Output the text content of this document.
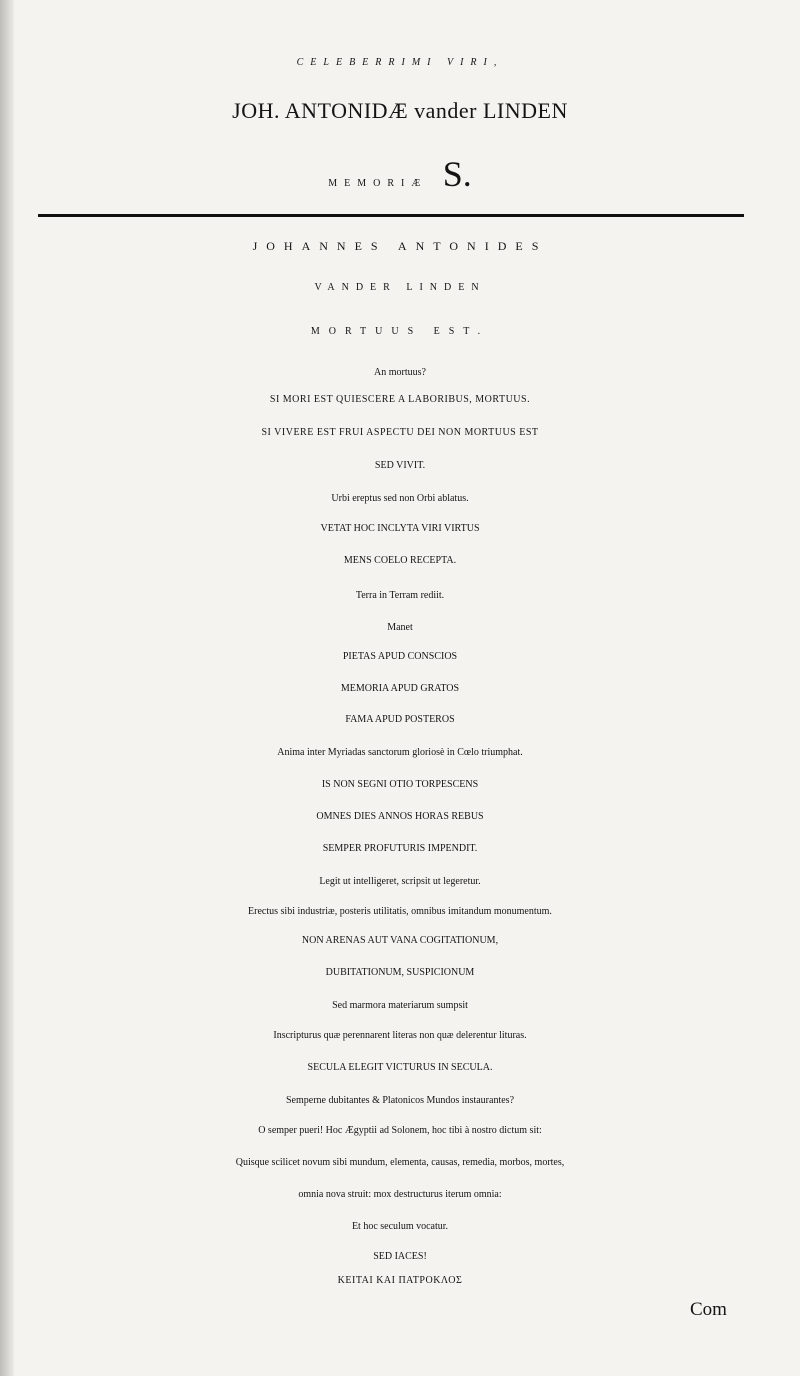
CELEBERRIMI VIRI,
JOH. ANTONIDÆ vander LINDEN
MEMORIÆ S.
JOHANNES ANTONIDES
VANDER LINDEN
MORTUUS EST.
An mortuus?
SI MORI EST QUIESCERE A LABORIBUS, MORTUUS.
SI VIVERE EST FRUI ASPECTU DEI NON MORTUUS EST
SED VIVIT.
Urbi ereptus sed non Orbi ablatus.
VETAT HOC INCLYTA VIRI VIRTUS
MENS COELO RECEPTA.
Terra in Terram rediit.
Manet
PIETAS APUD CONSCIOS
MEMORIA APUD GRATOS
FAMA APUD POSTEROS
Anima inter Myriadas sanctorum gloriosè in Cœlo triumphat.
IS NON SEGNI OTIO TORPESCENS
OMNES DIES ANNOS HORAS REBUS
SEMPER PROFUTURIS IMPENDIT.
Legit ut intelligeret, scripsit ut legeretur.
Erectus sibi industriæ, posteris utilitatis, omnibus imitandum monumentum.
NON ARENAS AUT VANA COGITATIONUM,
DUBITATIONUM, SUSPICIONUM
Sed marmora materiarum sumpsit
Inscripturus quæ perennarent literas non quæ delerentur lituras.
SECULA ELEGIT VICTURUS IN SECULA.
Semperne dubitantes & Platonicos Mundos instaurantes?
O semper pueri! Hoc Ægyptii ad Solonem, hoc tibi à nostro dictum sit:
Quisque scilicet novum sibi mundum, elementa, causas, remedia, morbos, mortes,
omnia nova struit: mox destructurus iterum omnia:
Et hoc seculum vocatur.
SED IACES!
ΚΕΙΤΑΙ ΚΑΙ ΠΑΤΡΟΚΛΟΣ
Com
